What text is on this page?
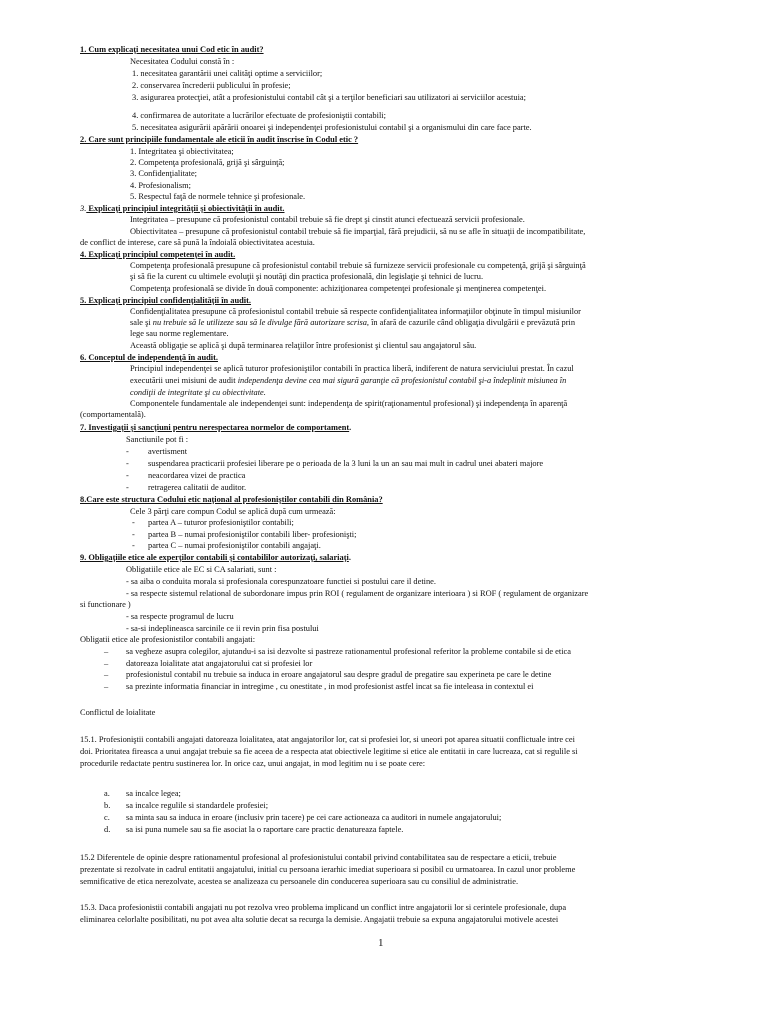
1. Cum explicaţi necesitatea unui Cod etic în audit?
Necesitatea Codului constă în :
1. necesitatea garantării unei calităţi optime a serviciilor;
2. conservarea încrederii publicului în profesie;
3. asigurarea protecţiei, atât a profesionistului contabil cât şi a terţilor beneficiari sau utilizatori ai serviciilor acestuia;
4. confirmarea de autoritate a lucrărilor efectuate de profesioniştii contabili;
5. necesitatea asigurării apărării onoarei şi independenţei profesionistului contabil şi a organismului din care face parte.
2. Care sunt principiile fundamentale ale eticii în audit înscrise în Codul etic ?
1. Integritatea şi obiectivitatea;
2. Competenţa profesională, grijă şi sârguinţă;
3. Confidenţialitate;
4. Profesionalism;
5. Respectul faţă de normele tehnice şi profesionale.
3. Explicaţi principiul integrităţii şi obiectivităţii în audit.
Integritatea – presupune că profesionistul contabil trebuie să fie drept şi cinstit atunci efectuează servicii profesionale.
Obiectivitatea – presupune că profesionistul contabil trebuie să fie imparţial, fără prejudicii, să nu se afle în situaţii de incompatibilitate,
de conflict de interese, care să pună la îndoială obiectivitatea acestuia.
4. Explicaţi principiul competenţei în audit.
Competenţa profesională presupune că profesionistul contabil trebuie să furnizeze servicii profesionale cu competenţă, grijă şi sârguinţă
şi să fie la curent cu ultimele evoluţii şi noutăţi din practica profesională, din legislaţie şi tehnici de lucru.
Competenţa profesională se divide în două componente: achiziţionarea competenţei profesionale şi menţinerea competenţei.
5. Explicaţi principiul confidenţialităţii în audit.
Confidenţialitatea presupune că profesionistul contabil trebuie să respecte confidenţialitatea informaţiilor obţinute în timpul misiunilor
sale şi nu trebuie să le utilizeze sau să le divulge fără autorizare scrisa, în afară de cazurile când obligaţia divulgării e prevăzută prin
lege sau norme reglementare.
Această obligaţie se aplică şi după terminarea relaţiilor între profesionist şi clientul sau angajatorul său.
6. Conceptul de independenţă în audit.
Principiul independenţei se aplică tuturor profesioniştilor contabili în practica liberă, indiferent de natura serviciului prestat. În cazul
executării unei misiuni de audit independenţa devine cea mai sigură garanţie că profesionistul contabil şi-a îndeplinit misiunea în
condiţii de integritate şi cu obiectivitate.
Componentele fundamentale ale independenţei sunt: independenţa de spirit(raţionamentul profesional) şi independenţa în aparenţă
(comportamentală).
7. Investigaţii şi sancţiuni pentru nerespectarea normelor de comportament.
Sanctiunile pot fi :
- avertisment
- suspendarea practicarii profesiei liberare pe o perioada de la 3 luni la un an sau mai mult in cadrul unei abateri majore
- neacordarea vizei de practica
- retragerea calitatii de auditor.
8.Care este structura Codului etic naţional al profesioniştilor contabili din România?
Cele 3 părţi care compun Codul se aplică după cum urmează:
- partea A – tuturor profesioniştilor contabili;
- partea B – numai profesioniştilor contabili liber- profesionişti;
- partea C – numai profesioniştilor contabili angajaţi.
9. Obligaţiile etice ale experţilor contabili şi contabililor autorizaţi, salariaţi.
Obligatiile etice ale EC si CA salariati, sunt :
- sa aiba o conduita morala si profesionala corespunzatoare functiei si postului care il detine.
- sa respecte sistemul relational de subordonare impus prin ROI ( regulament de organizare interioara ) si ROF ( regulament de organizare
si functionare )
- sa respecte programul de lucru
- sa-si indeplineasca sarcinile ce ii revin prin fisa postului
Obligatii etice ale profesionistilor contabili angajati:
– sa vegheze asupra colegilor, ajutandu-i sa isi dezvolte si pastreze rationamentul profesional referitor la probleme contabile si de etica
– datoreaza loialitate atat angajatorului cat si profesiei lor
– profesionistul contabil nu trebuie sa induca in eroare angajatorul sau despre gradul de pregatire sau experineta pe care le detine
– sa prezinte informatia financiar in intregime , cu onestitate , in mod profesionist astfel incat sa fie inteleasa in contextul ei
Conflictul de loialitate
15.1. Profesioniştii contabili angajati datoreaza loialitatea, atat angajatorilor lor, cat si profesiei lor, si uneori pot aparea situatii conflictuale intre cei
doi. Prioritatea fireasca a unui angajat trebuie sa fie aceea de a respecta atat obiectivele legitime si etice ale entitatii in care lucreaza, cat si regulile si
procedurile redactate pentru sustinerea lor. In orice caz, unui angajat, in mod legitim nu i se poate cere:
a. sa incalce legea;
b. sa incalce regulile si standardele profesiei;
c. sa minta sau sa induca in eroare (inclusiv prin tacere) pe cei care actioneaza ca auditori in numele angajatorului;
d. sa isi puna numele sau sa fie asociat la o raportare care practic denatureaza faptele.
15.2 Diferentele de opinie despre rationamentul profesional al profesionistului contabil privind contabilitatea sau de respectare a eticii, trebuie
prezentate si rezolvate in cadrul entitatii angajatului, initial cu persoana ierarhic imediat superioara si posibil cu urmatoarea. In cazul unor probleme
semnificative de etica nerezolvate, acestea se analizeaza cu persoanele din conducerea superioara sau cu consiliul de administratie.
15.3. Daca profesionistii contabili angajati nu pot rezolva vreo problema implicand un conflict intre angajatorii lor si cerintele profesionale, dupa
eliminarea celorlalte posibilitati, nu pot avea alta solutie decat sa recurga la demisie. Angajatii trebuie sa expuna angajatorului motivele acestei
1
